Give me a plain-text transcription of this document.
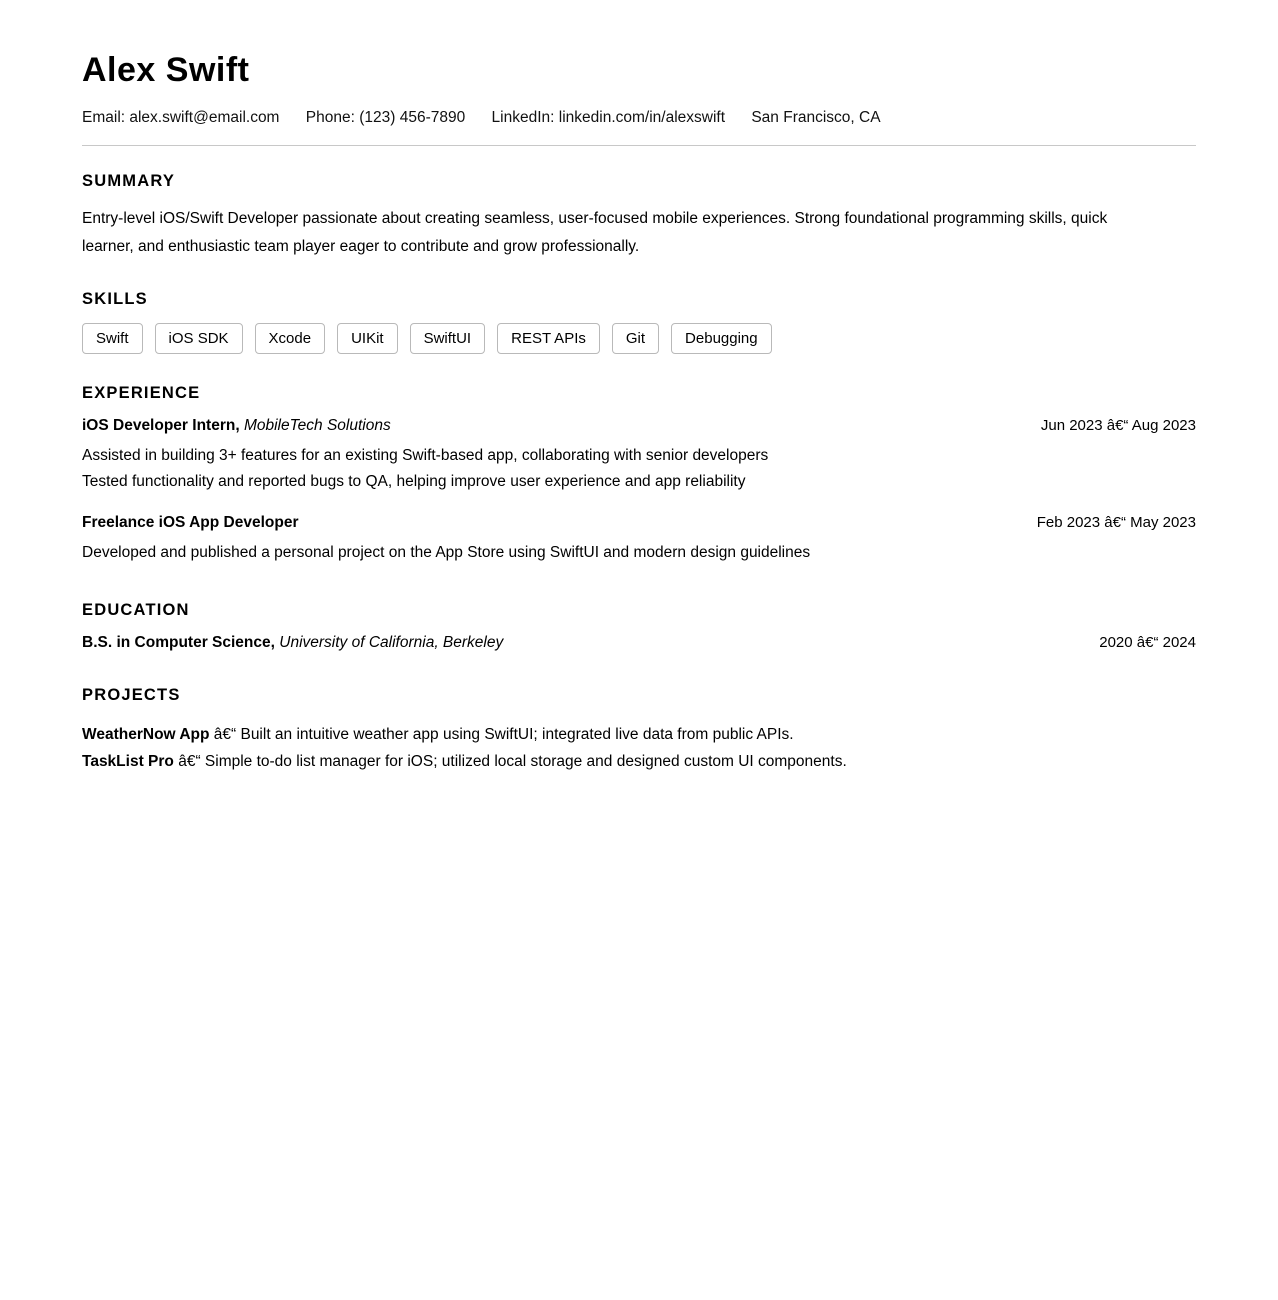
Alex Swift
Email: alex.swift@email.com Phone: (123) 456-7890 LinkedIn: linkedin.com/in/alexswift San Francisco, CA
SUMMARY

Entry-level iOS/Swift Developer passionate about creating seamless, user-focused mobile experiences. Strong foundational programming skills, quick learner, and enthusiastic team player eager to contribute and grow professionally.

SKILLS
Swift	iOS SDK	Xcode	UIKit	SwiftUI	REST APIs	Git	Debugging
EXPERIENCE
iOS Developer Intern, MobileTech Solutions	Jun 2023 â€“ Aug 2023
Assisted in building 3+ features for an existing Swift-based app, collaborating with senior developers
Tested functionality and reported bugs to QA, helping improve user experience and app reliability
Freelance iOS App Developer	Feb 2023 â€“ May 2023
Developed and published a personal project on the App Store using SwiftUI and modern design guidelines
EDUCATION
B.S. in Computer Science, University of California, Berkeley	2020 â€“ 2024
PROJECTS
WeatherNow App â€“ Built an intuitive weather app using SwiftUI; integrated live data from public APIs.
TaskList Pro â€“ Simple to-do list manager for iOS; utilized local storage and designed custom UI components.
